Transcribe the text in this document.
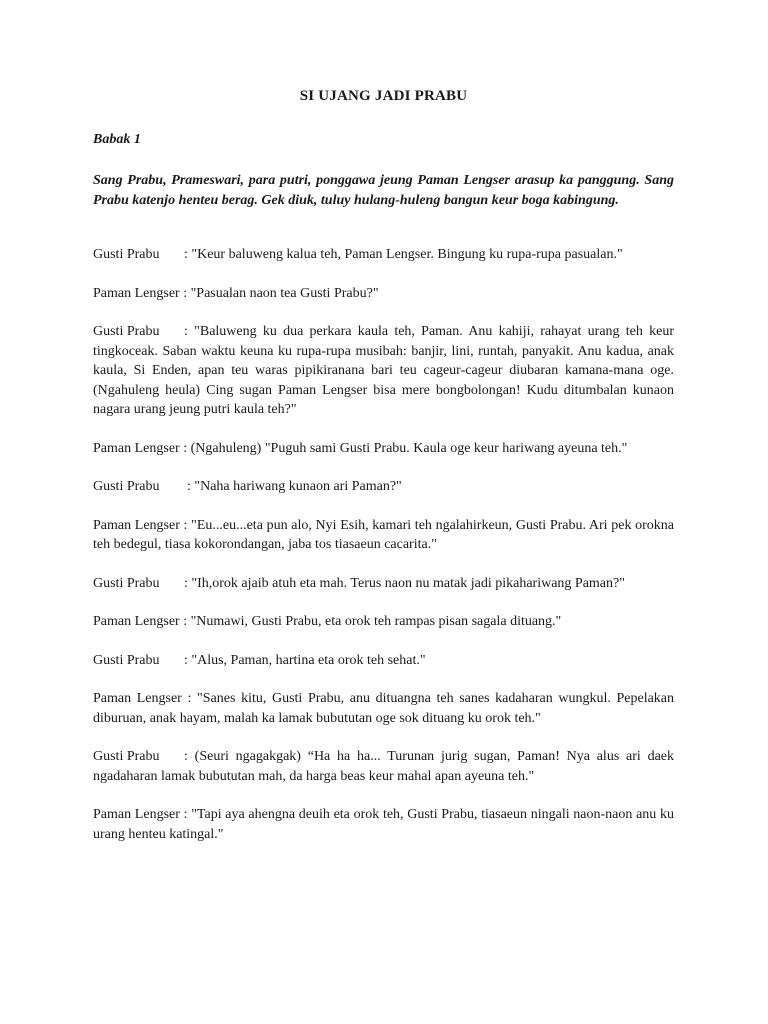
SI UJANG JADI PRABU

Babak 1

Sang Prabu, Prameswari, para putri, ponggawa jeung Paman Lengser arasup ka panggung. Sang Prabu katenjo henteu berag. Gek diuk, tuluy hulang-huleng bangun keur boga kabingung.

Gusti Prabu : "Keur baluweng kalua teh, Paman Lengser. Bingung ku rupa-rupa pasualan."

Paman Lengser : "Pasualan naon tea Gusti Prabu?"

Gusti Prabu : "Baluweng ku dua perkara kaula teh, Paman. Anu kahiji, rahayat urang teh keur tingkoceak. Saban waktu keuna ku rupa-rupa musibah: banjir, lini, runtah, panyakit. Anu kadua, anak kaula, Si Enden, apan teu waras pipikiranana bari teu cageur-cageur diubaran kamana-mana oge. (Ngahuleng heula) Cing sugan Paman Lengser bisa mere bongbolongan! Kudu ditumbalan kunaon nagara urang jeung putri kaula teh?"

Paman Lengser : (Ngahuleng) "Puguh sami Gusti Prabu. Kaula oge keur hariwang ayeuna teh."

Gusti Prabu : "Naha hariwang kunaon ari Paman?"

Paman Lengser : "Eu...eu...eta pun alo, Nyi Esih, kamari teh ngalahirkeun, Gusti Prabu. Ari pek orokna teh bedegul, tiasa kokorondangan, jaba tos tiasaeun cacarita."

Gusti Prabu : "Ih,orok ajaib atuh eta mah. Terus naon nu matak jadi pikahariwang Paman?"

Paman Lengser : "Numawi, Gusti Prabu, eta orok teh rampas pisan sagala dituang."

Gusti Prabu : "Alus, Paman, hartina eta orok teh sehat."

Paman Lengser : "Sanes kitu, Gusti Prabu, anu dituangna teh sanes kadaharan wungkul. Pepelakan diburuan, anak hayam, malah ka lamak bubututan oge sok dituang ku orok teh."

Gusti Prabu : (Seuri ngagakgak) “Ha ha ha... Turunan jurig sugan, Paman! Nya alus ari daek ngadaharan lamak bubututan mah, da harga beas keur mahal apan ayeuna teh."

Paman Lengser : "Tapi aya ahengna deuih eta orok teh, Gusti Prabu, tiasaeun ningali naon-naon anu ku urang henteu katingal."
